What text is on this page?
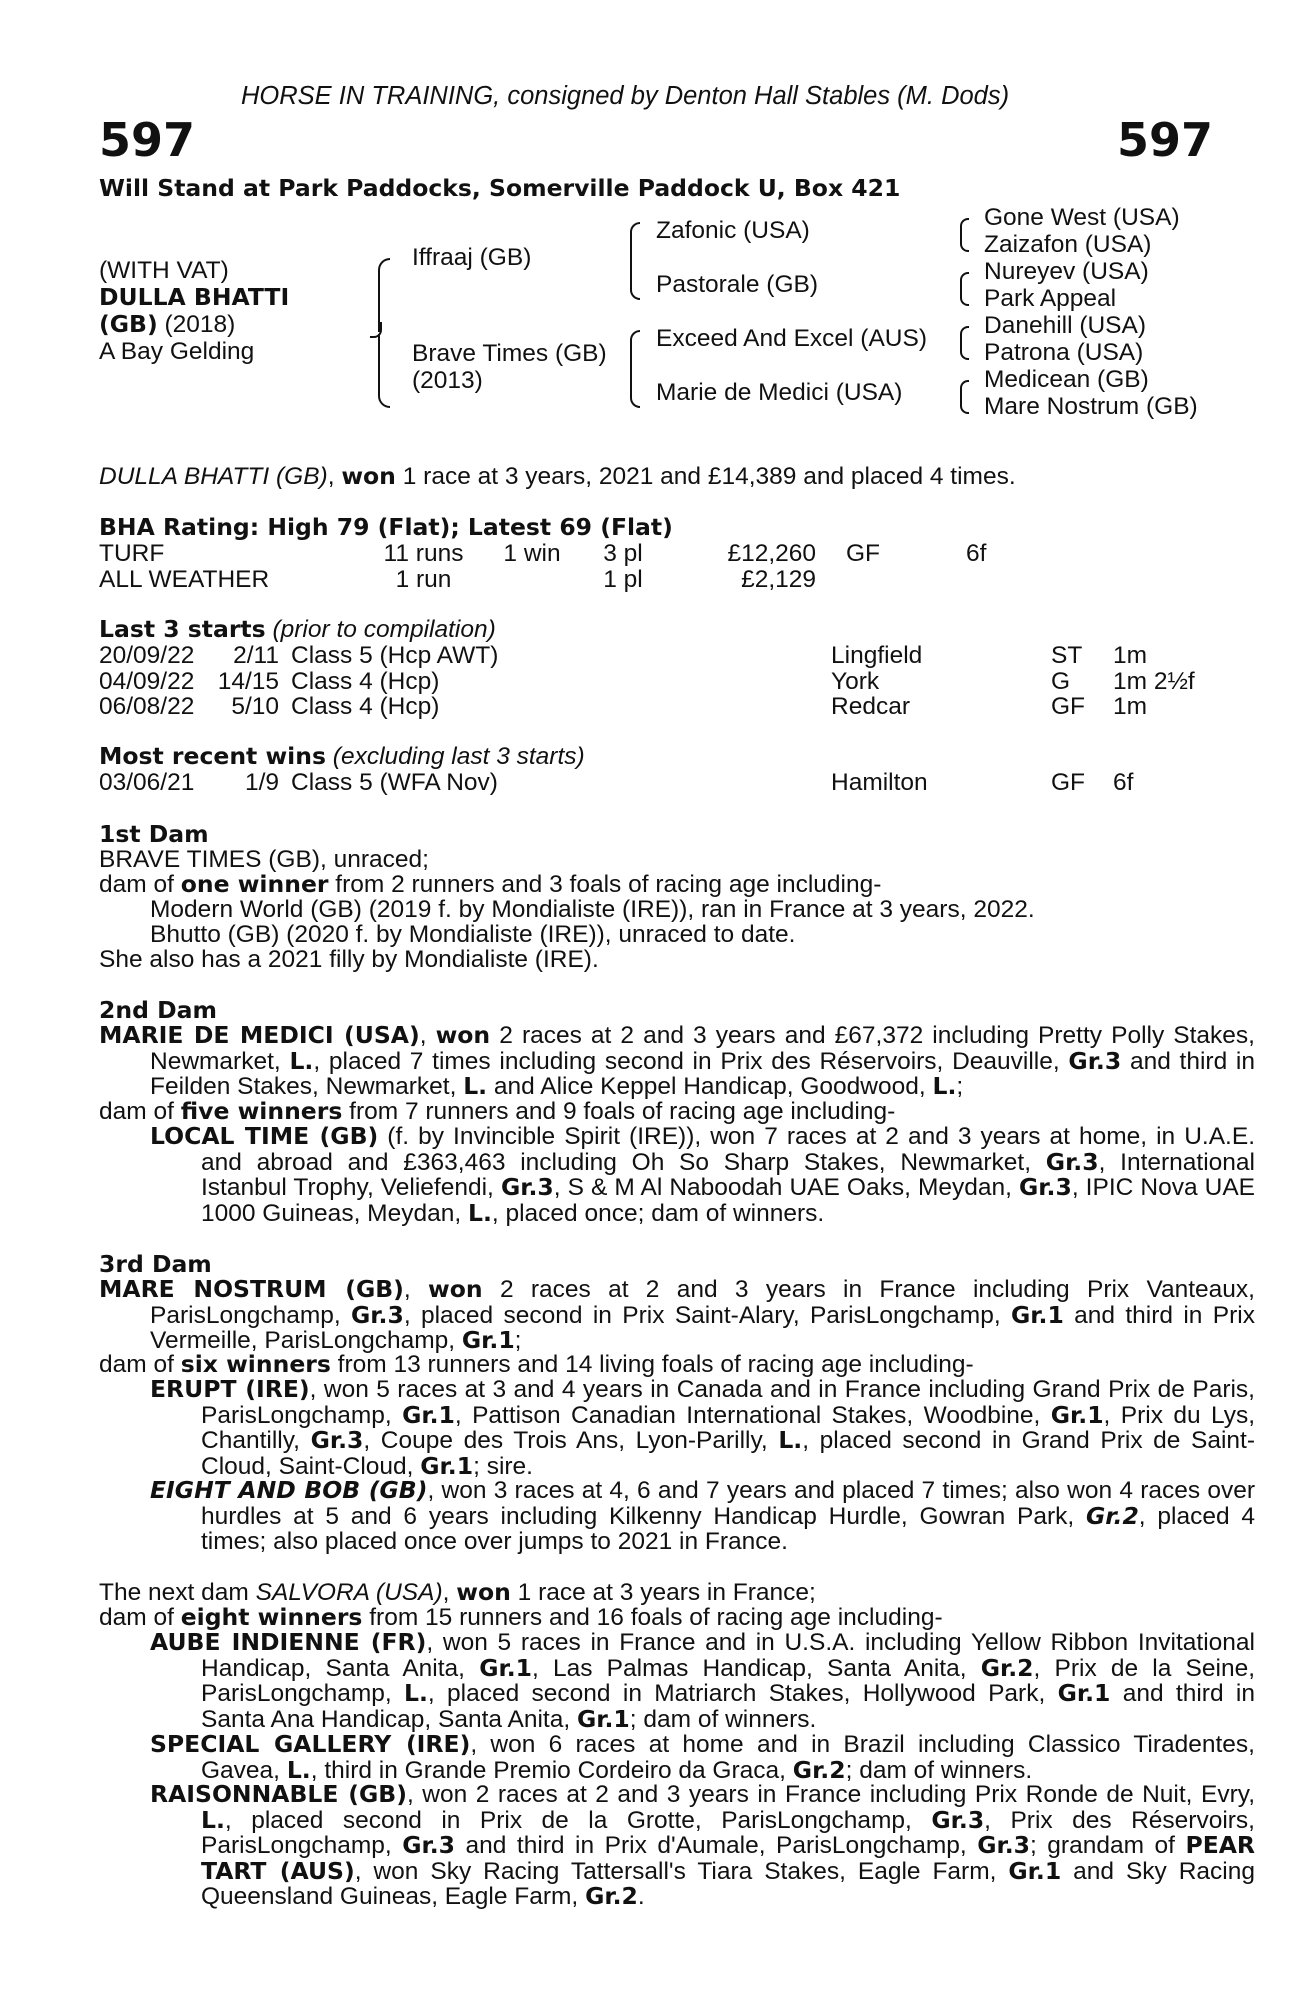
HORSE IN TRAINING, consigned by Denton Hall Stables (M. Dods)
597	597
Will Stand at Park Paddocks, Somerville Paddock U, Box 421
(WITH VAT)
DULLA BHATTI
(GB) (2018)
A Bay Gelding
Iffraaj (GB)
Brave Times (GB)
(2013)
Zafonic (USA)
Pastorale (GB)
Exceed And Excel (AUS)
Marie de Medici (USA)
Gone West (USA)
Zaizafon (USA)
Nureyev (USA)
Park Appeal
Danehill (USA)
Patrona (USA)
Medicean (GB)
Mare Nostrum (GB)
DULLA BHATTI (GB), won 1 race at 3 years, 2021 and £14,389 and placed 4 times.
BHA Rating: High 79 (Flat); Latest 69 (Flat)
TURF	11 runs	1 win	3 pl	£12,260	GF	6f
ALL WEATHER	1 run		1 pl	£2,129		
Last 3 starts (prior to compilation)
20/09/22	2/11	Class 5 (Hcp AWT)	Lingfield	ST	1m
04/09/22	14/15	Class 4 (Hcp)	York	G	1m 2½f
06/08/22	5/10	Class 4 (Hcp)	Redcar	GF	1m
Most recent wins (excluding last 3 starts)
03/06/21	1/9	Class 5 (WFA Nov)	Hamilton	GF	6f
1st Dam
BRAVE TIMES (GB), unraced;
dam of one winner from 2 runners and 3 foals of racing age including-
Modern World (GB) (2019 f. by Mondialiste (IRE)), ran in France at 3 years, 2022.
Bhutto (GB) (2020 f. by Mondialiste (IRE)), unraced to date.
She also has a 2021 filly by Mondialiste (IRE).
2nd Dam
MARIE DE MEDICI (USA), won 2 races at 2 and 3 years and £67,372 including Pretty Polly Stakes, Newmarket, L., placed 7 times including second in Prix des Réservoirs, Deauville, Gr.3 and third in Feilden Stakes, Newmarket, L. and Alice Keppel Handicap, Goodwood, L.;
dam of five winners from 7 runners and 9 foals of racing age including-
LOCAL TIME (GB) (f. by Invincible Spirit (IRE)), won 7 races at 2 and 3 years at home, in U.A.E. and abroad and £363,463 including Oh So Sharp Stakes, Newmarket, Gr.3, International Istanbul Trophy, Veliefendi, Gr.3, S & M Al Naboodah UAE Oaks, Meydan, Gr.3, IPIC Nova UAE 1000 Guineas, Meydan, L., placed once; dam of winners.
3rd Dam
MARE NOSTRUM (GB), won 2 races at 2 and 3 years in France including Prix Vanteaux, ParisLongchamp, Gr.3, placed second in Prix Saint-Alary, ParisLongchamp, Gr.1 and third in Prix Vermeille, ParisLongchamp, Gr.1;
dam of six winners from 13 runners and 14 living foals of racing age including-
ERUPT (IRE), won 5 races at 3 and 4 years in Canada and in France including Grand Prix de Paris, ParisLongchamp, Gr.1, Pattison Canadian International Stakes, Woodbine, Gr.1, Prix du Lys, Chantilly, Gr.3, Coupe des Trois Ans, Lyon-Parilly, L., placed second in Grand Prix de Saint-Cloud, Saint-Cloud, Gr.1; sire.
EIGHT AND BOB (GB), won 3 races at 4, 6 and 7 years and placed 7 times; also won 4 races over hurdles at 5 and 6 years including Kilkenny Handicap Hurdle, Gowran Park, Gr.2, placed 4 times; also placed once over jumps to 2021 in France.
The next dam SALVORA (USA), won 1 race at 3 years in France;
dam of eight winners from 15 runners and 16 foals of racing age including-
AUBE INDIENNE (FR), won 5 races in France and in U.S.A. including Yellow Ribbon Invitational Handicap, Santa Anita, Gr.1, Las Palmas Handicap, Santa Anita, Gr.2, Prix de la Seine, ParisLongchamp, L., placed second in Matriarch Stakes, Hollywood Park, Gr.1 and third in Santa Ana Handicap, Santa Anita, Gr.1; dam of winners.
SPECIAL GALLERY (IRE), won 6 races at home and in Brazil including Classico Tiradentes, Gavea, L., third in Grande Premio Cordeiro da Graca, Gr.2; dam of winners.
RAISONNABLE (GB), won 2 races at 2 and 3 years in France including Prix Ronde de Nuit, Evry, L., placed second in Prix de la Grotte, ParisLongchamp, Gr.3, Prix des Réservoirs, ParisLongchamp, Gr.3 and third in Prix d'Aumale, ParisLongchamp, Gr.3; grandam of PEAR TART (AUS), won Sky Racing Tattersall's Tiara Stakes, Eagle Farm, Gr.1 and Sky Racing Queensland Guineas, Eagle Farm, Gr.2.
